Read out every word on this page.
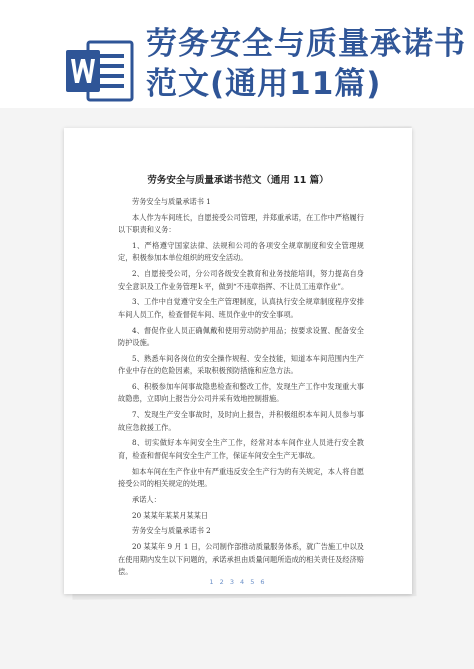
劳务安全与质量承诺书范文(通用11篇)
劳务安全与质量承诺书范文（通用 11 篇）

劳务安全与质量承诺书 1

本人作为车间班长，自愿接受公司管理，并郑重承诺，在工作中严格履行以下职责和义务：

1、严格遵守国家法律、法规和公司的各项安全规章制度和安全管理规定，积极参加本单位组织的班安全活动。

2、自愿接受公司，分公司各级安全教育和业务技能培训，努力提高自身安全意识及工作业务管理ｋ平，做到“不违章指挥、不让员工违章作业”。

3、工作中自觉遵守安全生产管理制度，认真执行安全规章制度程序安排车间人员工作，检查督促车间、班员作业中的安全事项。

4、督促作业人员正确佩戴和使用劳动防护用品；按要求设置、配备安全防护设施。

5、熟悉车间各岗位的安全操作规程、安全技能，知道本车间范围内生产作业中存在的危险因素，采取积极预防措施和应急方法。

6、积极参加车间事故隐患检查和整改工作，发现生产工作中发现重大事故隐患，立即向上报告分公司并采有效地控制措施。

7、发现生产安全事故时，及时向上报告，并积极组织本车间人员参与事故应急救援工作。

8、切实做好本车间安全生产工作，经常对本车间作业人员进行安全教育，检查和督促车间安全生产工作，保证车间安全生产无事故。

如本车间在生产作业中有严重违反安全生产行为的有关规定，本人将自愿接受公司的相关规定的处理。

承诺人：

20 某某年某某月某某日

劳务安全与质量承诺书 2

20 某某年 9 月 1 日，公司制作部推动质量服务体系，就广告施工中以及在使用期内发生以下问题的，承诺承担由质量问题所造成的相关责任及经济赔偿。

1 2 3 4 5 6
